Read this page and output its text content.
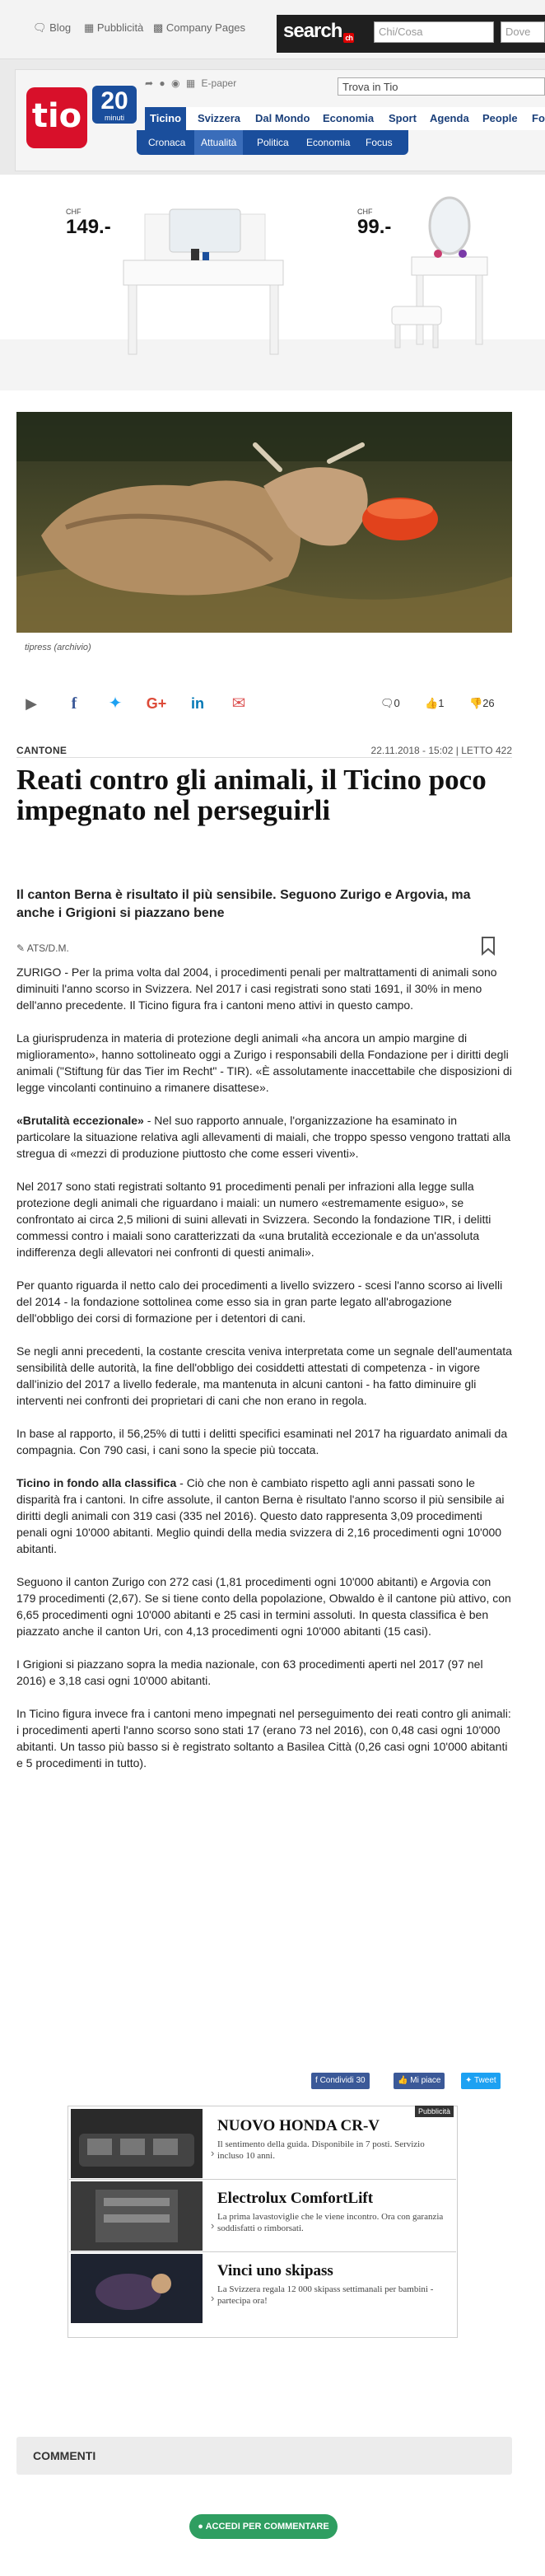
🗨 Blog ▦ Pubblicità ▩ Company Pages search ch	Chi/Cosa	Dove
tio 20
minuti
➦ ● ◉ ▦ E-paper	Trova in Tio
Ticino	Svizzera Dal Mondo Economia Sport Agenda People Fo
Cronaca	Attualità	Politica	Economia	Focus
CHF
149.-
CHF
99.-
tipress (archivio)
▶	f	✦	G+	in	✉	🗨0 👍1 👎26
CANTONE	22.11.2018 - 15:02 | LETTO 422
Reati contro gli animali, il Ticino poco impegnato nel perseguirli
Il canton Berna è risultato il più sensibile. Seguono Zurigo e Argovia, ma anche i Grigioni si piazzano bene
✎ ATS/D.M.

ZURIGO - Per la prima volta dal 2004, i procedimenti penali per maltrattamenti di animali sono diminuiti l'anno scorso in Svizzera. Nel 2017 i casi registrati sono stati 1691, il 30% in meno dell'anno precedente. Il Ticino figura fra i cantoni meno attivi in questo campo.

La giurisprudenza in materia di protezione degli animali «ha ancora un ampio margine di miglioramento», hanno sottolineato oggi a Zurigo i responsabili della Fondazione per i diritti degli animali ("Stiftung für das Tier im Recht" - TIR). «È assolutamente inaccettabile che disposizioni di legge vincolanti continuino a rimanere disattese».

«Brutalità eccezionale» - Nel suo rapporto annuale, l'organizzazione ha esaminato in particolare la situazione relativa agli allevamenti di maiali, che troppo spesso vengono trattati alla stregua di «mezzi di produzione piuttosto che come esseri viventi».

Nel 2017 sono stati registrati soltanto 91 procedimenti penali per infrazioni alla legge sulla protezione degli animali che riguardano i maiali: un numero «estremamente esiguo», se confrontato ai circa 2,5 milioni di suini allevati in Svizzera. Secondo la fondazione TIR, i delitti commessi contro i maiali sono caratterizzati da «una brutalità eccezionale e da un'assoluta indifferenza degli allevatori nei confronti di questi animali».

Per quanto riguarda il netto calo dei procedimenti a livello svizzero - scesi l'anno scorso ai livelli del 2014 - la fondazione sottolinea come esso sia in gran parte legato all'abrogazione dell'obbligo dei corsi di formazione per i detentori di cani.

Se negli anni precedenti, la costante crescita veniva interpretata come un segnale dell'aumentata sensibilità delle autorità, la fine dell'obbligo dei cosiddetti attestati di competenza - in vigore dall'inizio del 2017 a livello federale, ma mantenuta in alcuni cantoni - ha fatto diminuire gli interventi nei confronti dei proprietari di cani che non erano in regola.

In base al rapporto, il 56,25% di tutti i delitti specifici esaminati nel 2017 ha riguardato animali da compagnia. Con 790 casi, i cani sono la specie più toccata.

Ticino in fondo alla classifica - Ciò che non è cambiato rispetto agli anni passati sono le disparità fra i cantoni. In cifre assolute, il canton Berna è risultato l'anno scorso il più sensibile ai diritti degli animali con 319 casi (335 nel 2016). Questo dato rappresenta 3,09 procedimenti penali ogni 10'000 abitanti. Meglio quindi della media svizzera di 2,16 procedimenti ogni 10'000 abitanti.

Seguono il canton Zurigo con 272 casi (1,81 procedimenti ogni 10'000 abitanti) e Argovia con 179 procedimenti (2,67). Se si tiene conto della popolazione, Obwaldo è il cantone più attivo, con 6,65 procedimenti ogni 10'000 abitanti e 25 casi in termini assoluti. In questa classifica è ben piazzato anche il canton Uri, con 4,13 procedimenti ogni 10'000 abitanti (15 casi).

I Grigioni si piazzano sopra la media nazionale, con 63 procedimenti aperti nel 2017 (97 nel 2016) e 3,18 casi ogni 10'000 abitanti.

In Ticino figura invece fra i cantoni meno impegnati nel perseguimento dei reati contro gli animali: i procedimenti aperti l'anno scorso sono stati 17 (erano 73 nel 2016), con 0,48 casi ogni 10'000 abitanti. Un tasso più basso si è registrato soltanto a Basilea Città (0,26 casi ogni 10'000 abitanti e 5 procedimenti in tutto).

f Condividi 30	👍 Mi piace	✦ Tweet
Pubblicità
›
NUOVO HONDA CR-V
Il sentimento della guida. Disponibile in 7 posti. Servizio incluso 10 anni.
›
Electrolux ComfortLift
La prima lavastoviglie che le viene incontro. Ora con garanzia soddisfatti o rimborsati.
›
Vinci uno skipass
La Svizzera regala 12 000 skipass settimanali per bambini - partecipa ora!
COMMENTI
● ACCEDI PER COMMENTARE
